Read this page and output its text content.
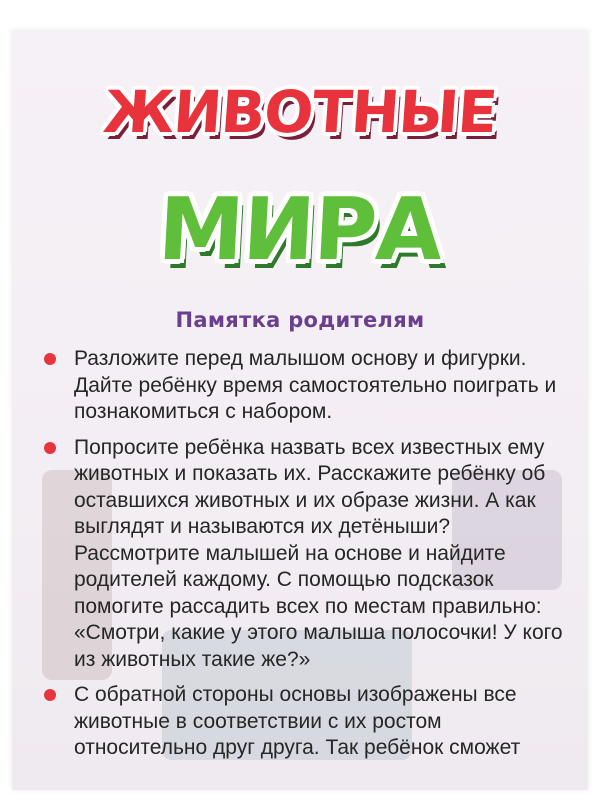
ЖИВОТНЫЕ
МИРА
Памятка родителям
Разложите перед малышом основу и фигурки. Дайте ребёнку время самостоятельно поиграть и познакомиться с набором.
Попросите ребёнка назвать всех известных ему животных и показать их. Расскажите ребёнку об оставшихся животных и их образе жизни. А как выглядят и называются их детёныши? Рассмотрите малышей на основе и найдите родителей каждому. С помощью подсказок помогите рассадить всех по местам правильно: «Смотри, какие у этого малыша полосочки! У кого из животных такие же?»
С обратной стороны основы изображены все животные в соответствии с их ростом относительно друг друга. Так ребёнок сможет
